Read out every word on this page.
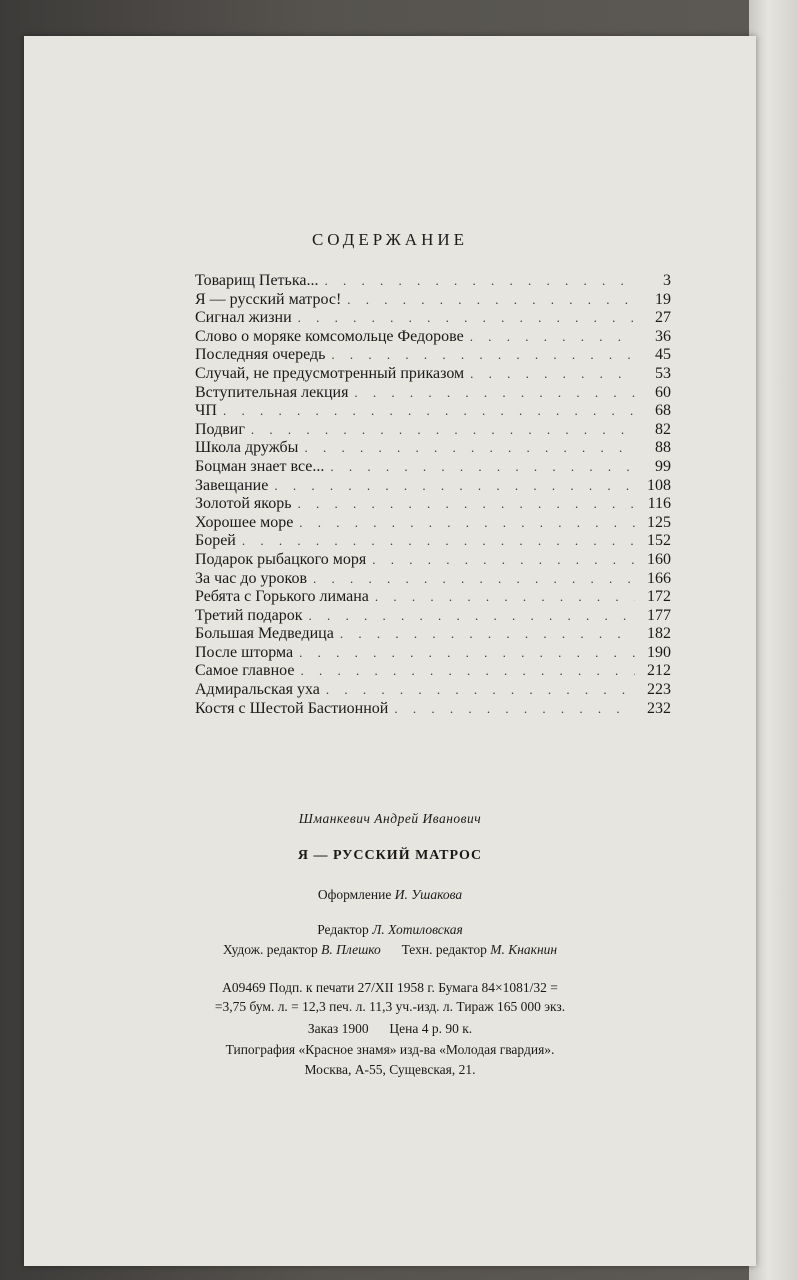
СОДЕРЖАНИЕ
Товарищ Петька... . . .	3
Я — русский матрос! . . .	19
Сигнал жизни . . .	27
Слово о моряке комсомольце Федорове . . .	36
Последняя очередь . . .	45
Случай, не предусмотренный приказом . . .	53
Вступительная лекция . . .	60
ЧП . . .	68
Подвиг . . .	82
Школа дружбы . . .	88
Боцман знает все... . . .	99
Завещание . . .	108
Золотой якорь . . .	116
Хорошее море . . .	125
Борей . . .	152
Подарок рыбацкого моря . . .	160
За час до уроков . . .	166
Ребята с Горького лимана . . .	172
Третий подарок . . .	177
Большая Медведица . . .	182
После шторма . . .	190
Самое главное . . .	212
Адмиральская уха . . .	223
Костя с Шестой Бастионной . . .	232
Шманкевич Андрей Иванович
Я — РУССКИЙ МАТРОС
Оформление И. Ушакова
Редактор Л. Хотиловская
Худож. редактор В. Плешко Техн. редактор М. Кнакнин
А09469 Подп. к печати 27/XII 1958 г. Бумага 84×1081/32 =
=3,75 бум. л. = 12,3 печ. л. 11,3 уч.-изд. л. Тираж 165 000 экз.
Заказ 1900 Цена 4 р. 90 к.
Типография «Красное знамя» изд-ва «Молодая гвардия».
Москва, А-55, Сущевская, 21.
